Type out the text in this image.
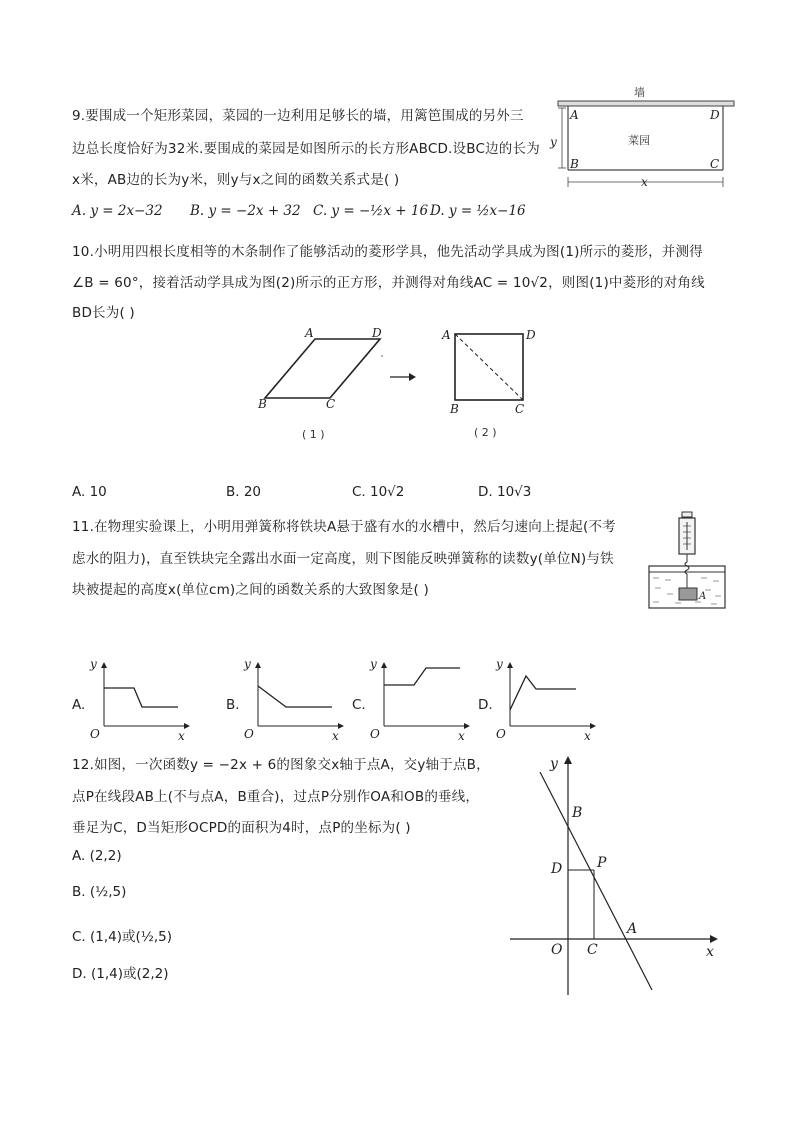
9.要围成一个矩形菜园，菜园的一边利用足够长的墙，用篱笆围成的另外三
边总长度恰好为32米.要围成的菜园是如图所示的长方形ABCD.设BC边的长为
x米，AB边的长为y米，则y与x之间的函数关系式是( )
A. y = 2x−32 B. y = −2x + 32 C. y = −½x + 16 D. y = ½x−16
墙
A	D
B	C
菜园
y
x
10.小明用四根长度相等的木条制作了能够活动的菱形学具，他先活动学具成为图(1)所示的菱形，并测得
∠B = 60°，接着活动学具成为图(2)所示的正方形，并测得对角线AC = 10√2，则图(1)中菱形的对角线
BD长为( )
A	D
B	C
( 1 )
A	D
B	C
( 2 )
A. 10	B. 20	C. 10√2	D. 10√3
11.在物理实验课上，小明用弹簧称将铁块A悬于盛有水的水槽中，然后匀速向上提起(不考
虑水的阻力)，直至铁块完全露出水面一定高度，则下图能反映弹簧称的读数y(单位N)与铁
块被提起的高度x(单位cm)之间的函数关系的大致图象是( )	A
A.
y
x
O
B.
y
x
O
C.
y
x
O
D.
y
x
O
12.如图，一次函数y = −2x + 6的图象交x轴于点A，交y轴于点B，
点P在线段AB上(不与点A，B重合)，过点P分别作OA和OB的垂线，
垂足为C，D当矩形OCPD的面积为4时，点P的坐标为( )
A. (2,2)
B. (½,5)
C. (1,4)或(½,5)
D. (1,4)或(2,2)
y
x
B
D P
O C
A
